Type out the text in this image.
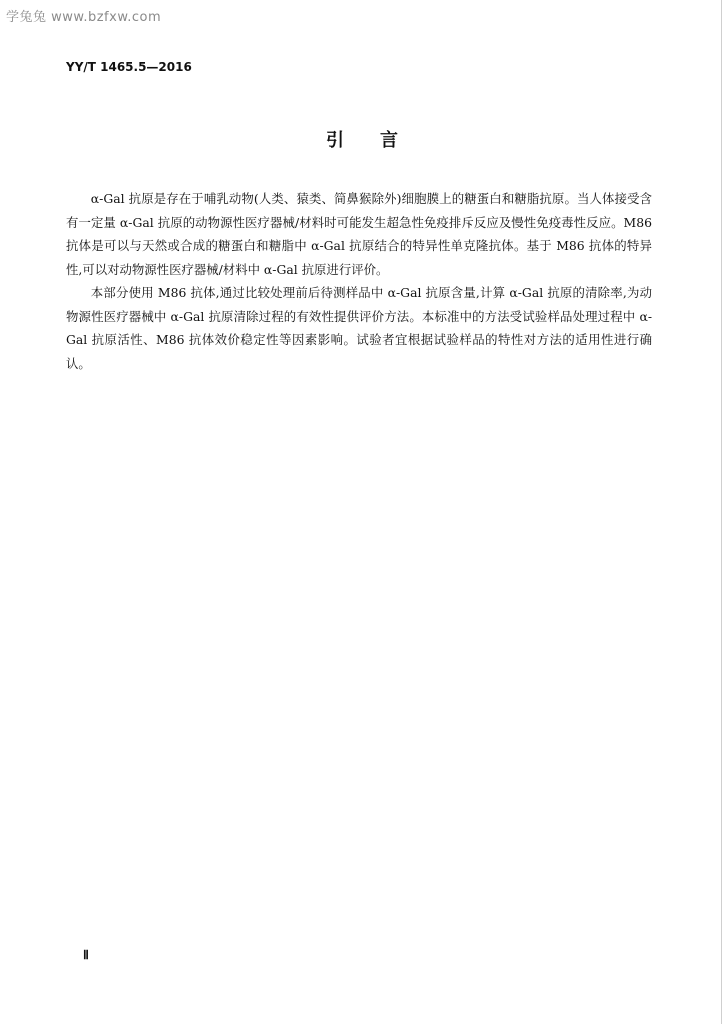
学兔兔 www.bzfxw.com
YY/T 1465.5—2016
引言

α-Gal 抗原是存在于哺乳动物(人类、猿类、简鼻猴除外)细胞膜上的糖蛋白和糖脂抗原。当人体接受含有一定量 α-Gal 抗原的动物源性医疗器械/材料时可能发生超急性免疫排斥反应及慢性免疫毒性反应。M86 抗体是可以与天然或合成的糖蛋白和糖脂中 α-Gal 抗原结合的特异性单克隆抗体。基于 M86 抗体的特异性,可以对动物源性医疗器械/材料中 α-Gal 抗原进行评价。

本部分使用 M86 抗体,通过比较处理前后待测样品中 α-Gal 抗原含量,计算 α-Gal 抗原的清除率,为动物源性医疗器械中 α-Gal 抗原清除过程的有效性提供评价方法。本标准中的方法受试验样品处理过程中 α-Gal 抗原活性、M86 抗体效价稳定性等因素影响。试验者宜根据试验样品的特性对方法的适用性进行确认。

Ⅱ
